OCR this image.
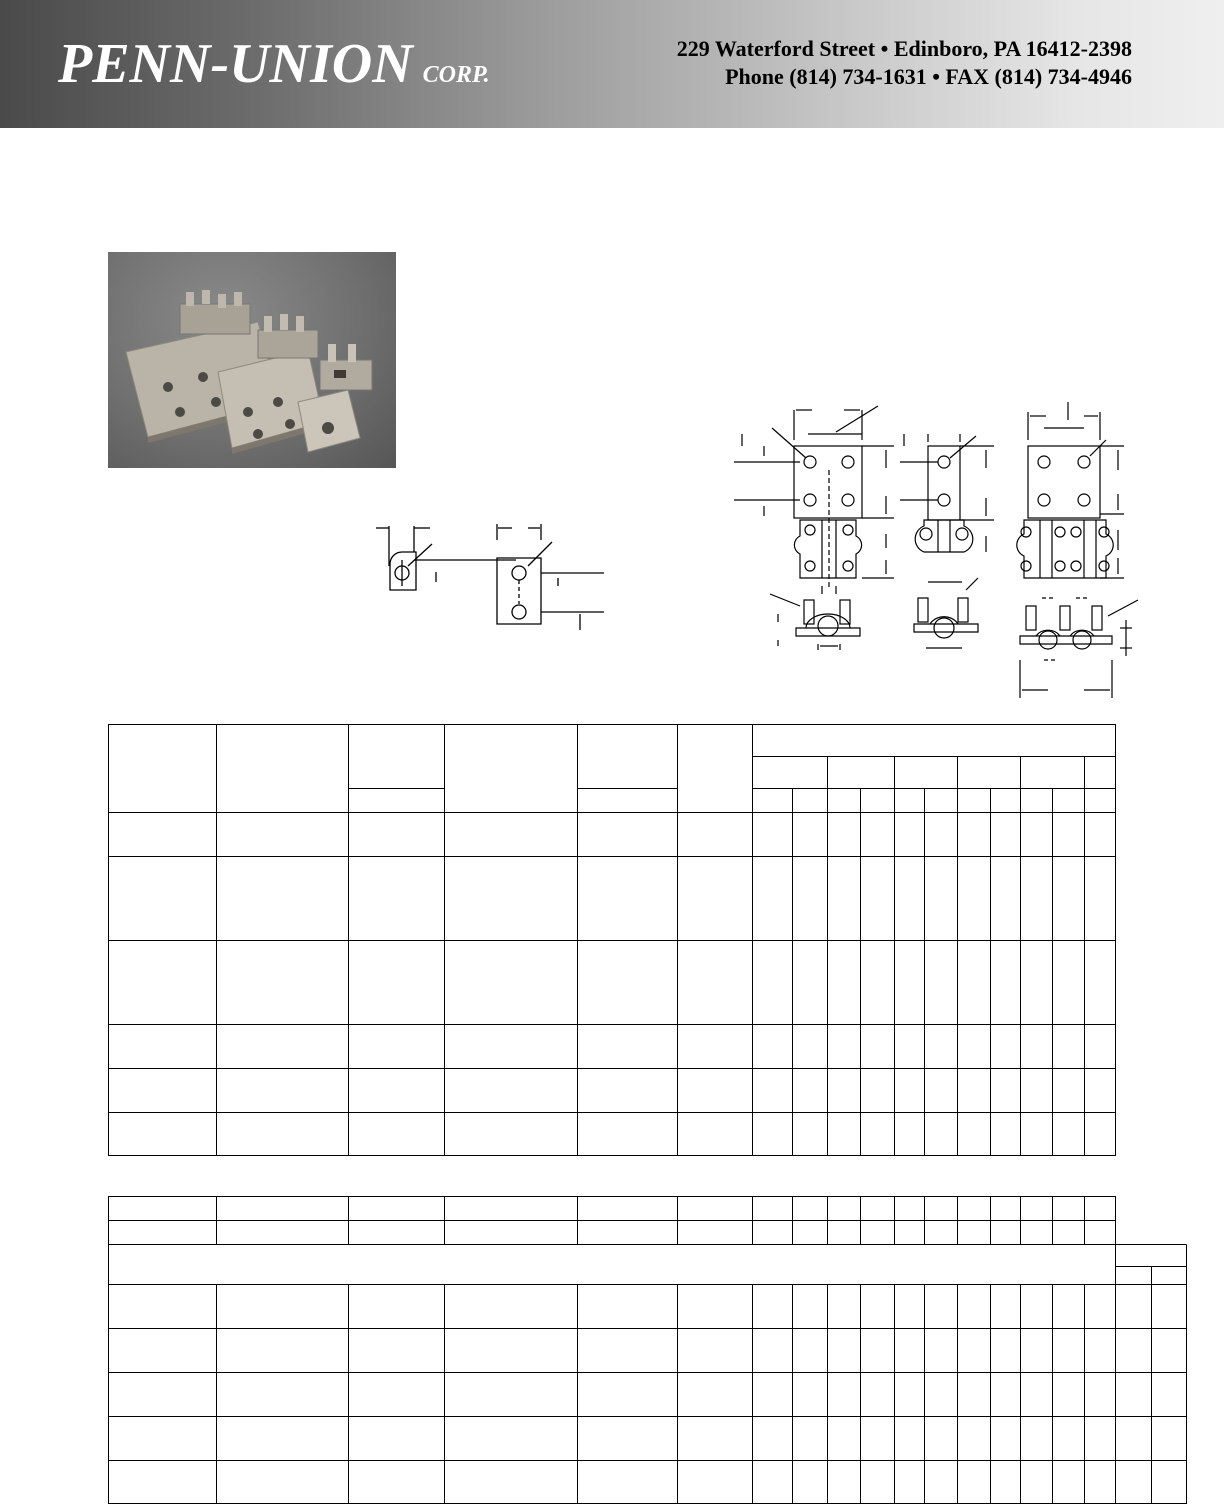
PENN-UNION CORP.
229 Waterford Street • Edinboro, PA 16412-2398
Phone (814) 734-1631 • FAX (814) 734-4946
